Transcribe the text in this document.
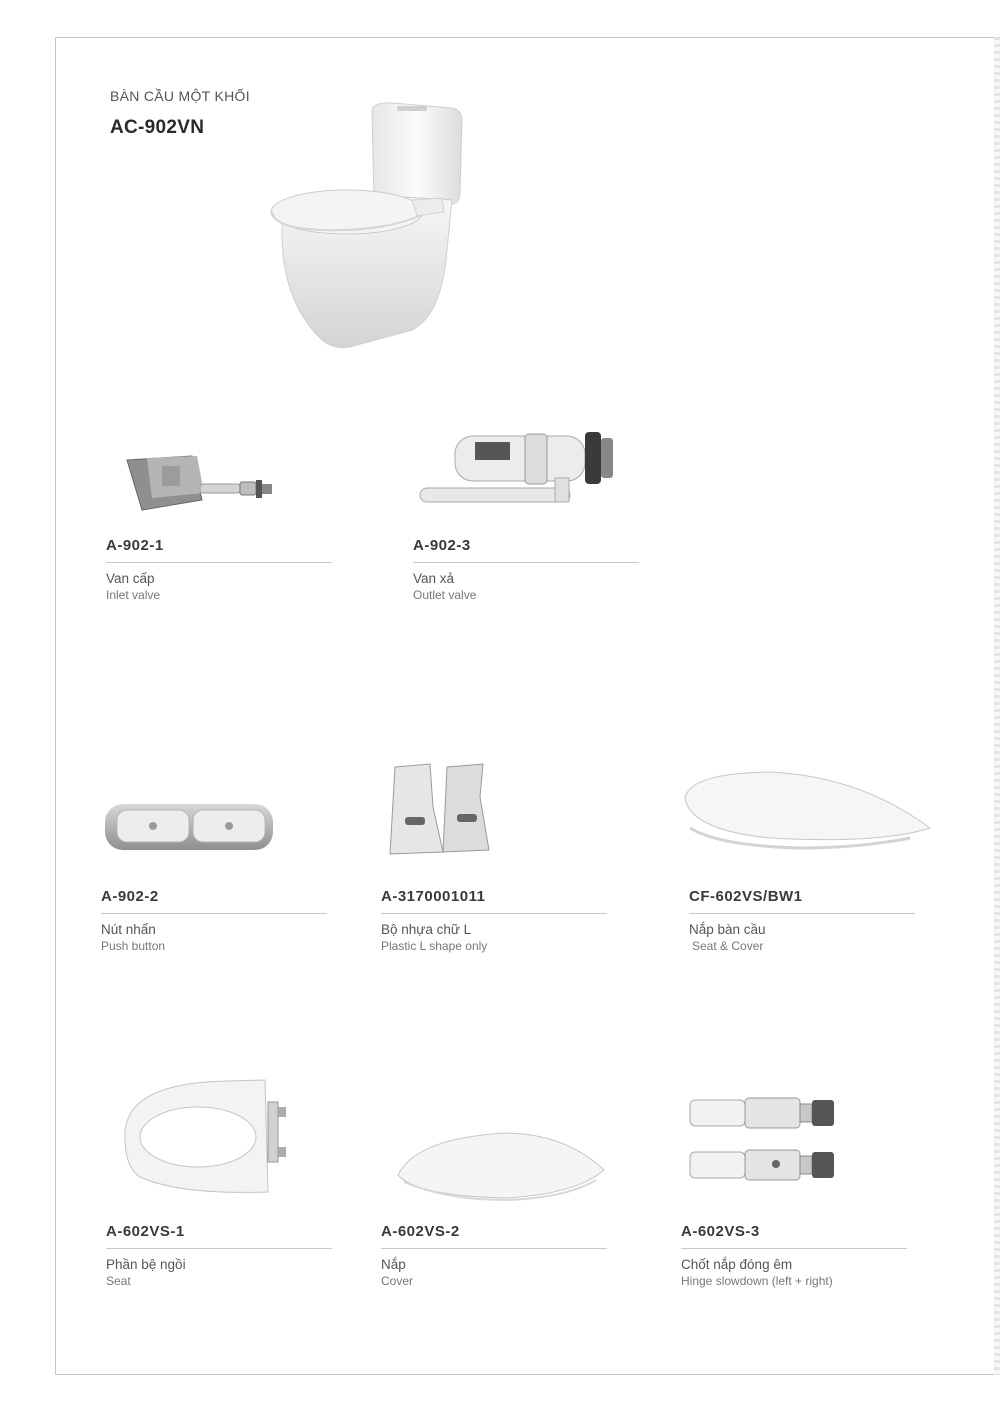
BÀN CẦU MỘT KHỐI
AC-902VN
A-902-1
Van cấp
Inlet valve
A-902-3
Van xả
Outlet valve
A-902-2
Nút nhấn
Push button
A-3170001011
Bộ nhựa chữ L
Plastic L shape only
CF-602VS/BW1
Nắp bàn cầu
Seat & Cover
A-602VS-1
Phần bệ ngồi
Seat
A-602VS-2
Nắp
Cover
A-602VS-3
Chốt nắp đóng êm
Hinge slowdown (left + right)
